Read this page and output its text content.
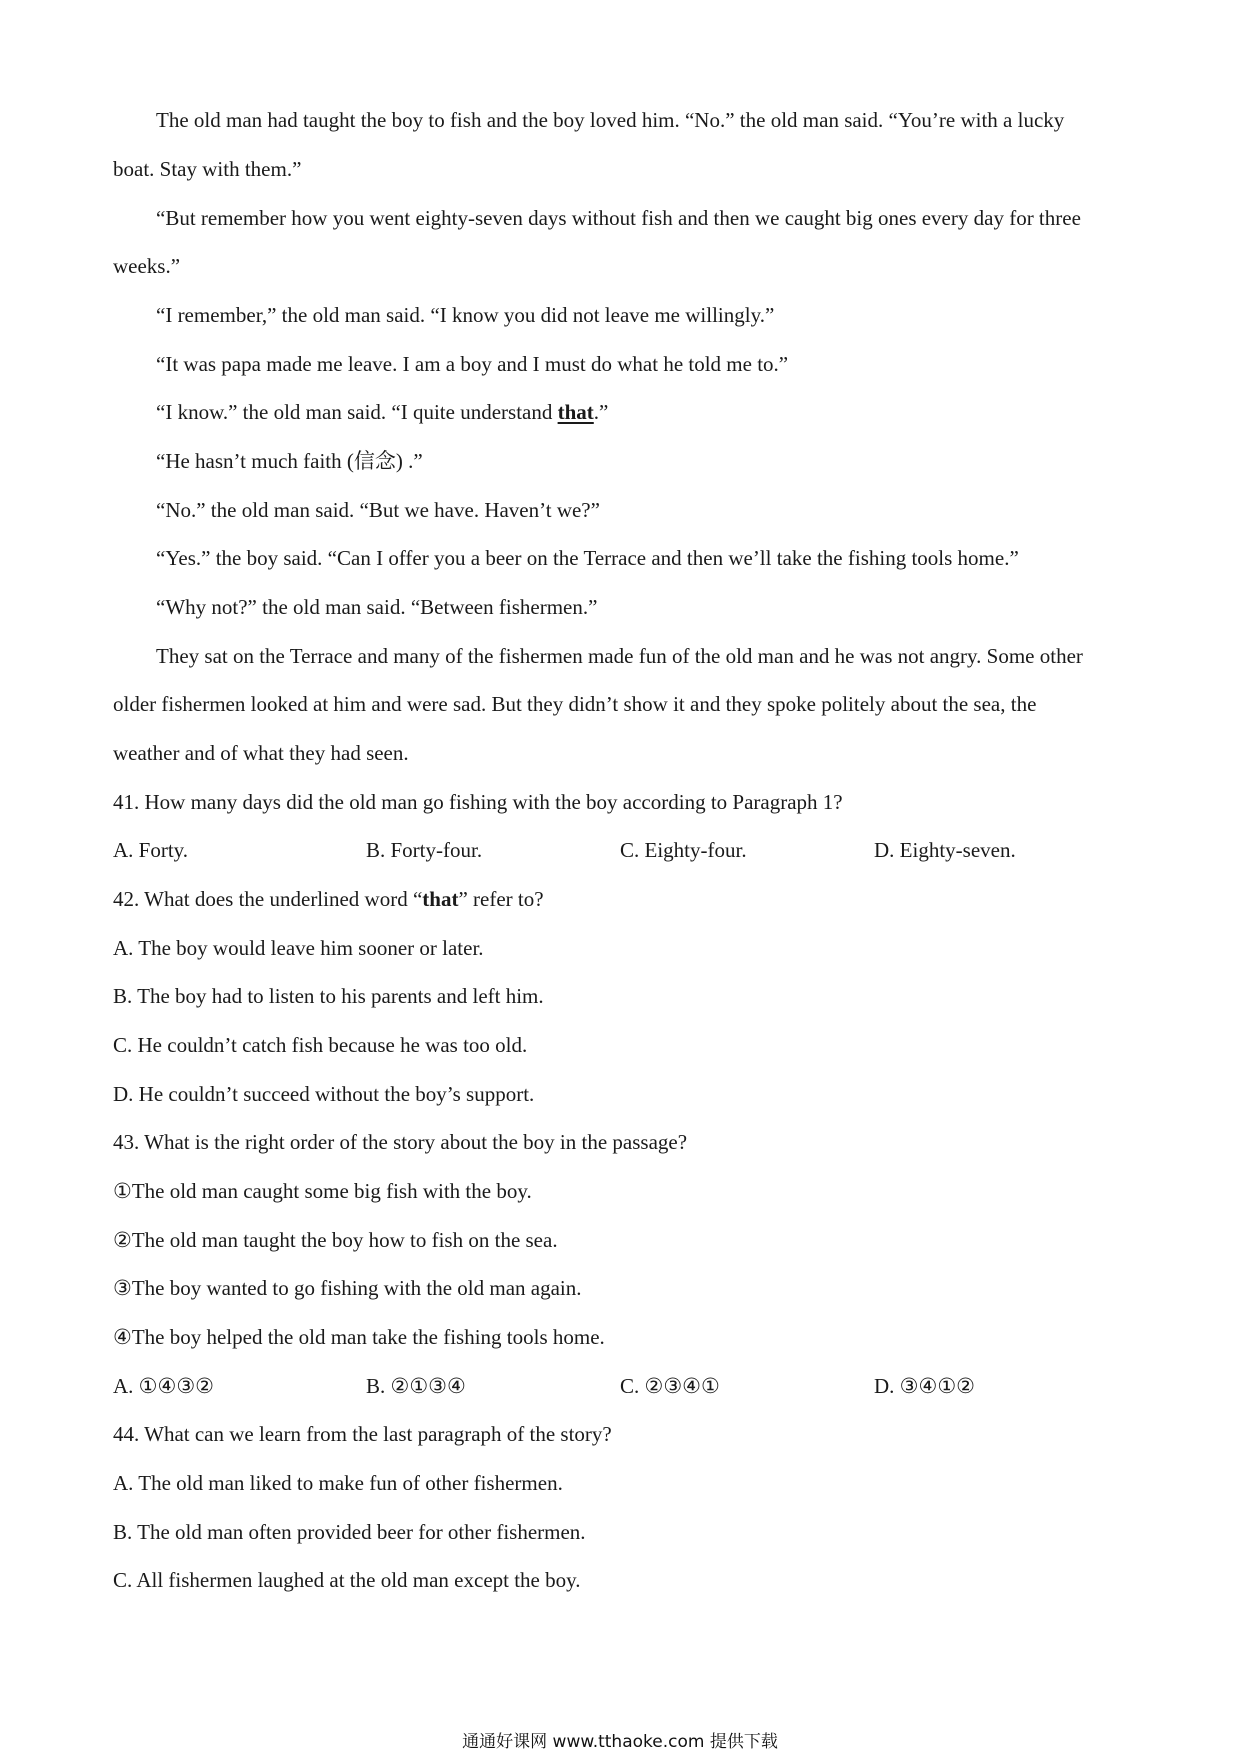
The old man had taught the boy to fish and the boy loved him. “No.” the old man said. “You’re with a lucky
boat. Stay with them.”
“But remember how you went eighty-seven days without fish and then we caught big ones every day for three
weeks.”
“I remember,” the old man said. “I know you did not leave me willingly.”
“It was papa made me leave. I am a boy and I must do what he told me to.”
“I know.” the old man said. “I quite understand that.”
“He hasn’t much faith (信念) .”
“No.” the old man said. “But we have. Haven’t we?”
“Yes.” the boy said. “Can I offer you a beer on the Terrace and then we’ll take the fishing tools home.”
“Why not?” the old man said. “Between fishermen.”
They sat on the Terrace and many of the fishermen made fun of the old man and he was not angry. Some other
older fishermen looked at him and were sad. But they didn’t show it and they spoke politely about the sea, the
weather and of what they had seen.
41. How many days did the old man go fishing with the boy according to Paragraph 1?
A. Forty.	B. Forty-four.	C. Eighty-four.	D. Eighty-seven.
42. What does the underlined word “that” refer to?
A. The boy would leave him sooner or later.
B. The boy had to listen to his parents and left him.
C. He couldn’t catch fish because he was too old.
D. He couldn’t succeed without the boy’s support.
43. What is the right order of the story about the boy in the passage?
①The old man caught some big fish with the boy.
②The old man taught the boy how to fish on the sea.
③The boy wanted to go fishing with the old man again.
④The boy helped the old man take the fishing tools home.
A. ①④③②	B. ②①③④	C. ②③④①	D. ③④①②
44. What can we learn from the last paragraph of the story?
A. The old man liked to make fun of other fishermen.
B. The old man often provided beer for other fishermen.
C. All fishermen laughed at the old man except the boy.
通通好课网 www.tthaoke.com 提供下载
